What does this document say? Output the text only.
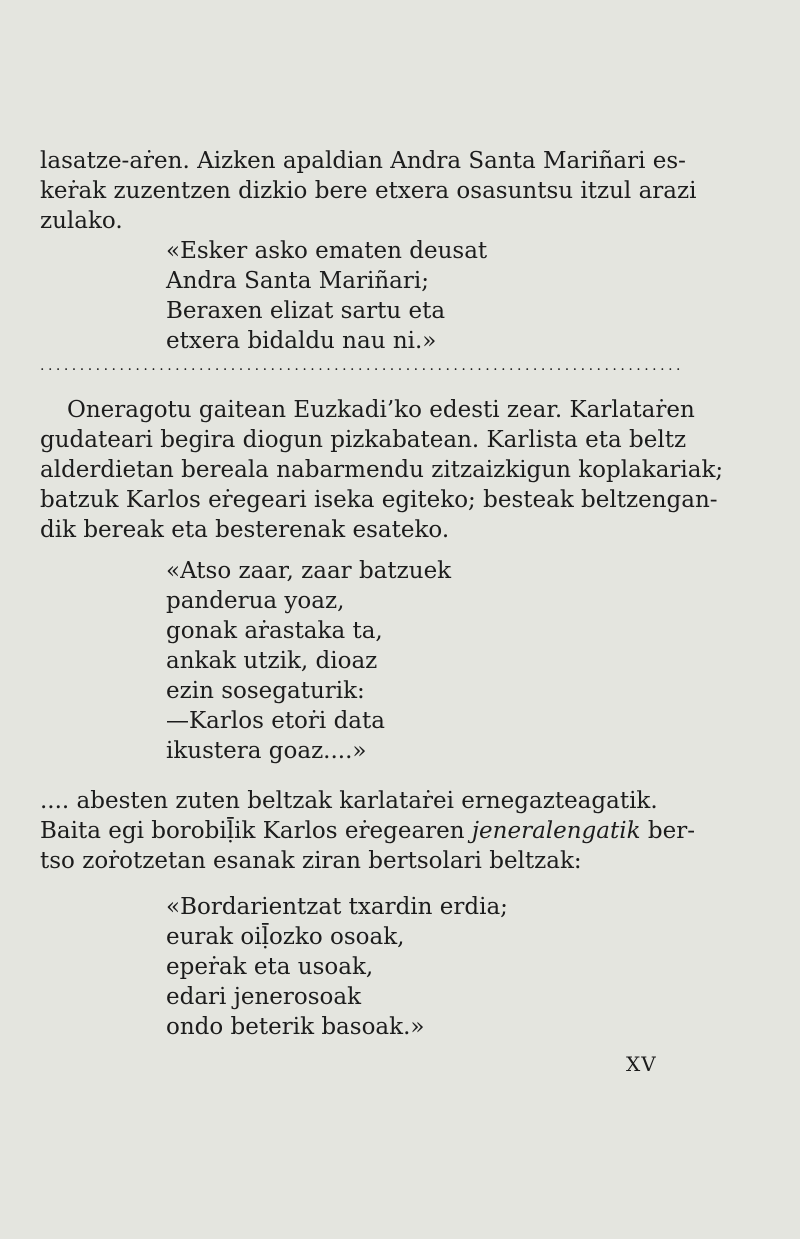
lasatze-aṙen. Aizken apaldian Andra Santa Mariñari es-
keṙak zuzentzen dizkio bere etxera osasuntsu itzul arazi
zulako.
«Esker asko ematen deusat
Andra Santa Mariñari;
Beraxen elizat sartu eta
etxera bidaldu nau ni.»
.................................................................................
Oneragotu gaitean Euzkadi’ko edesti zear. Karlataṙen
gudateari begira diogun pizkabatean. Karlista eta beltz
alderdietan bereala nabarmendu zitzaizkigun koplakariak;
batzuk Karlos eṙegeari iseka egiteko; besteak beltzengan-
dik bereak eta besterenak esateko.
«Atso zaar, zaar batzuek
panderua yoaz,
gonak aṙastaka ta,
ankak utzik, dioaz
ezin sosegaturik:
—Karlos etoṙi data
ikustera goaz....»
.... abesten zuten beltzak karlataṙei ernegazteagatik.
Baita egi borobiḹik Karlos eṙegearen jeneralengatik ber-
tso zoṙotzetan esanak ziran bertsolari beltzak:
«Bordarientzat txardin erdia;
eurak oiḹozko osoak,
epeṙak eta usoak,
edari jenerosoak
ondo beterik basoak.»
XV
